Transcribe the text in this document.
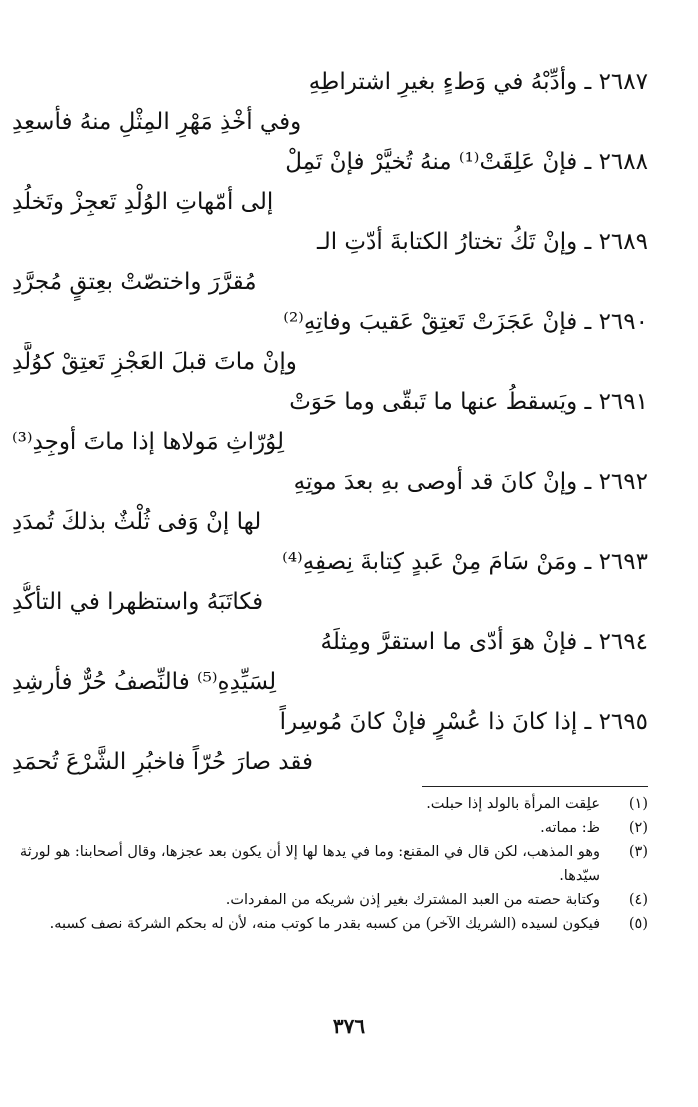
٢٦٨٧ ـ وأدِّبْهُ في وَطءٍ بغيرِ اشتراطِهِ
وفي أخْذِ مَهْرِ المِثْلِ منهُ فأسعِدِ
٢٦٨٨ ـ فإنْ عَلِقَتْ⁽¹⁾ منهُ تُخيَّرْ فإنْ تَمِلْ
إلى أمّهاتِ الوُلْدِ تَعجِزْ وتَخلُدِ
٢٦٨٩ ـ وإنْ تَكُ تختارُ الكتابةَ أدّتِ الـ
مُقرَّرَ واختصّتْ بعِتقٍ مُجرَّدِ
٢٦٩٠ ـ فإنْ عَجَزَتْ تَعتِقْ عَقيبَ وفاتِهِ⁽²⁾
وإنْ ماتَ قبلَ العَجْزِ تَعتِقْ كوُلَّدِ
٢٦٩١ ـ ويَسقطُ عنها ما تَبقّى وما حَوَتْ
لِوُرّاثِ مَولاها إذا ماتَ أوجِدِ⁽³⁾
٢٦٩٢ ـ وإنْ كانَ قد أوصى بهِ بعدَ موتِهِ
لها إنْ وَفى ثُلْثٌ بذلكَ تُمدَدِ
٢٦٩٣ ـ ومَنْ سَامَ مِنْ عَبدٍ كِتابةَ نِصفِهِ⁽⁴⁾
فكاتَبَهُ واستظهرا في التأكُّدِ
٢٦٩٤ ـ فإنْ هوَ أدّى ما استقرَّ ومِثلَهُ
لِسَيِّدِهِ⁽⁵⁾ فالنِّصفُ حُرٌّ فأرشِدِ
٢٦٩٥ ـ إذا كانَ ذا عُسْرٍ فإنْ كانَ مُوسِراً
فقد صارَ حُرّاً فاخبُرِ الشَّرْعَ تُحمَدِ
(١)
علِقت المرأة بالولد إذا حبلت.
(٢)
ظ: مماته.
(٣)
وهو المذهب، لكن قال في المقنع: وما في يدها لها إلا أن يكون بعد عجزها، وقال أصحابنا: هو لورثة سيّدها.
(٤)
وكتابة حصته من العبد المشترك بغير إذن شريكه من المفردات.
(٥)
فيكون لسيده (الشريك الآخر) من كسبه بقدر ما كوتب منه، لأن له بحكم الشركة نصف كسبه.
٣٧٦
